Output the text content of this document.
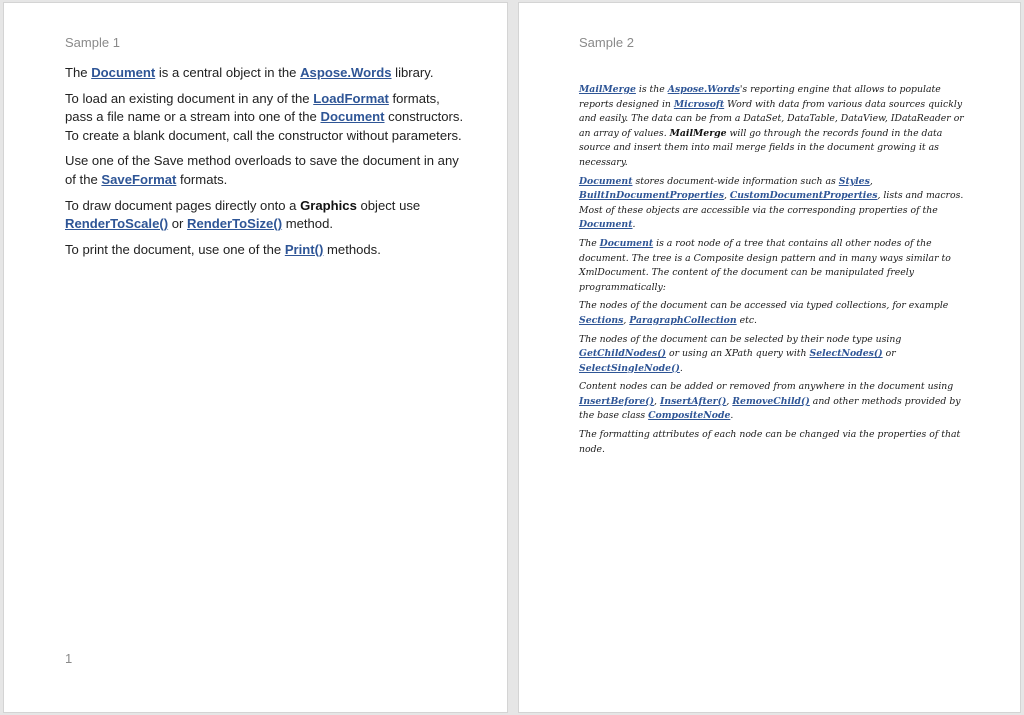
Sample 1

The Document is a central object in the Aspose.Words library.

To load an existing document in any of the LoadFormat formats, pass a file name or a stream into one of the Document constructors. To create a blank document, call the constructor without parameters.

Use one of the Save method overloads to save the document in any of the SaveFormat formats.

To draw document pages directly onto a Graphics object use RenderToScale() or RenderToSize() method.

To print the document, use one of the Print() methods.

1
Sample 2

MailMerge is the Aspose.Words's reporting engine that allows to populate reports designed in Microsoft Word with data from various data sources quickly and easily. The data can be from a DataSet, DataTable, DataView, IDataReader or an array of values. MailMerge will go through the records found in the data source and insert them into mail merge fields in the document growing it as necessary.

Document stores document-wide information such as Styles, BuiltInDocumentProperties, CustomDocumentProperties, lists and macros. Most of these objects are accessible via the corresponding properties of the Document.

The Document is a root node of a tree that contains all other nodes of the document. The tree is a Composite design pattern and in many ways similar to XmlDocument. The content of the document can be manipulated freely programmatically:

The nodes of the document can be accessed via typed collections, for example Sections, ParagraphCollection etc.

The nodes of the document can be selected by their node type using GetChildNodes() or using an XPath query with SelectNodes() or SelectSingleNode().

Content nodes can be added or removed from anywhere in the document using InsertBefore(), InsertAfter(), RemoveChild() and other methods provided by the base class CompositeNode.

The formatting attributes of each node can be changed via the properties of that node.
